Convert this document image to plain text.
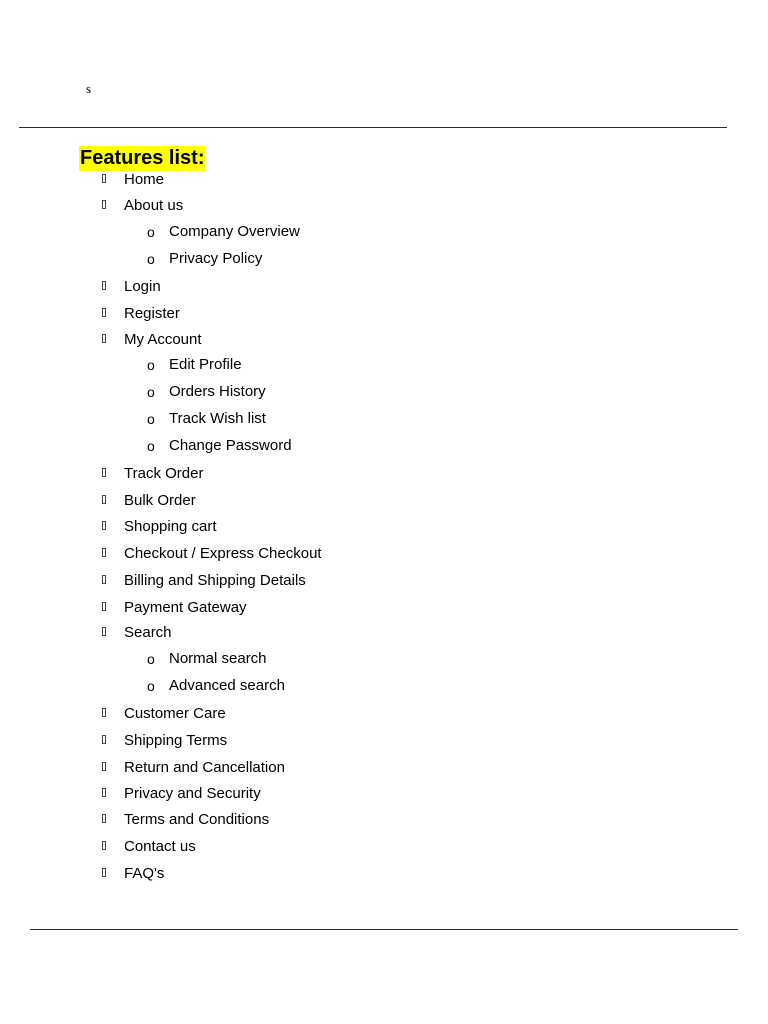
s
Features list:
Home
About us
o Company Overview
o Privacy Policy
Login
Register
My Account
o Edit Profile
o Orders History
o Track Wish list
o Change Password
Track Order
Bulk Order
Shopping cart
Checkout / Express Checkout
Billing and Shipping Details
Payment Gateway
Search
o Normal search
o Advanced search
Customer Care
Shipping Terms
Return and Cancellation
Privacy and Security
Terms and Conditions
Contact us
FAQ's
